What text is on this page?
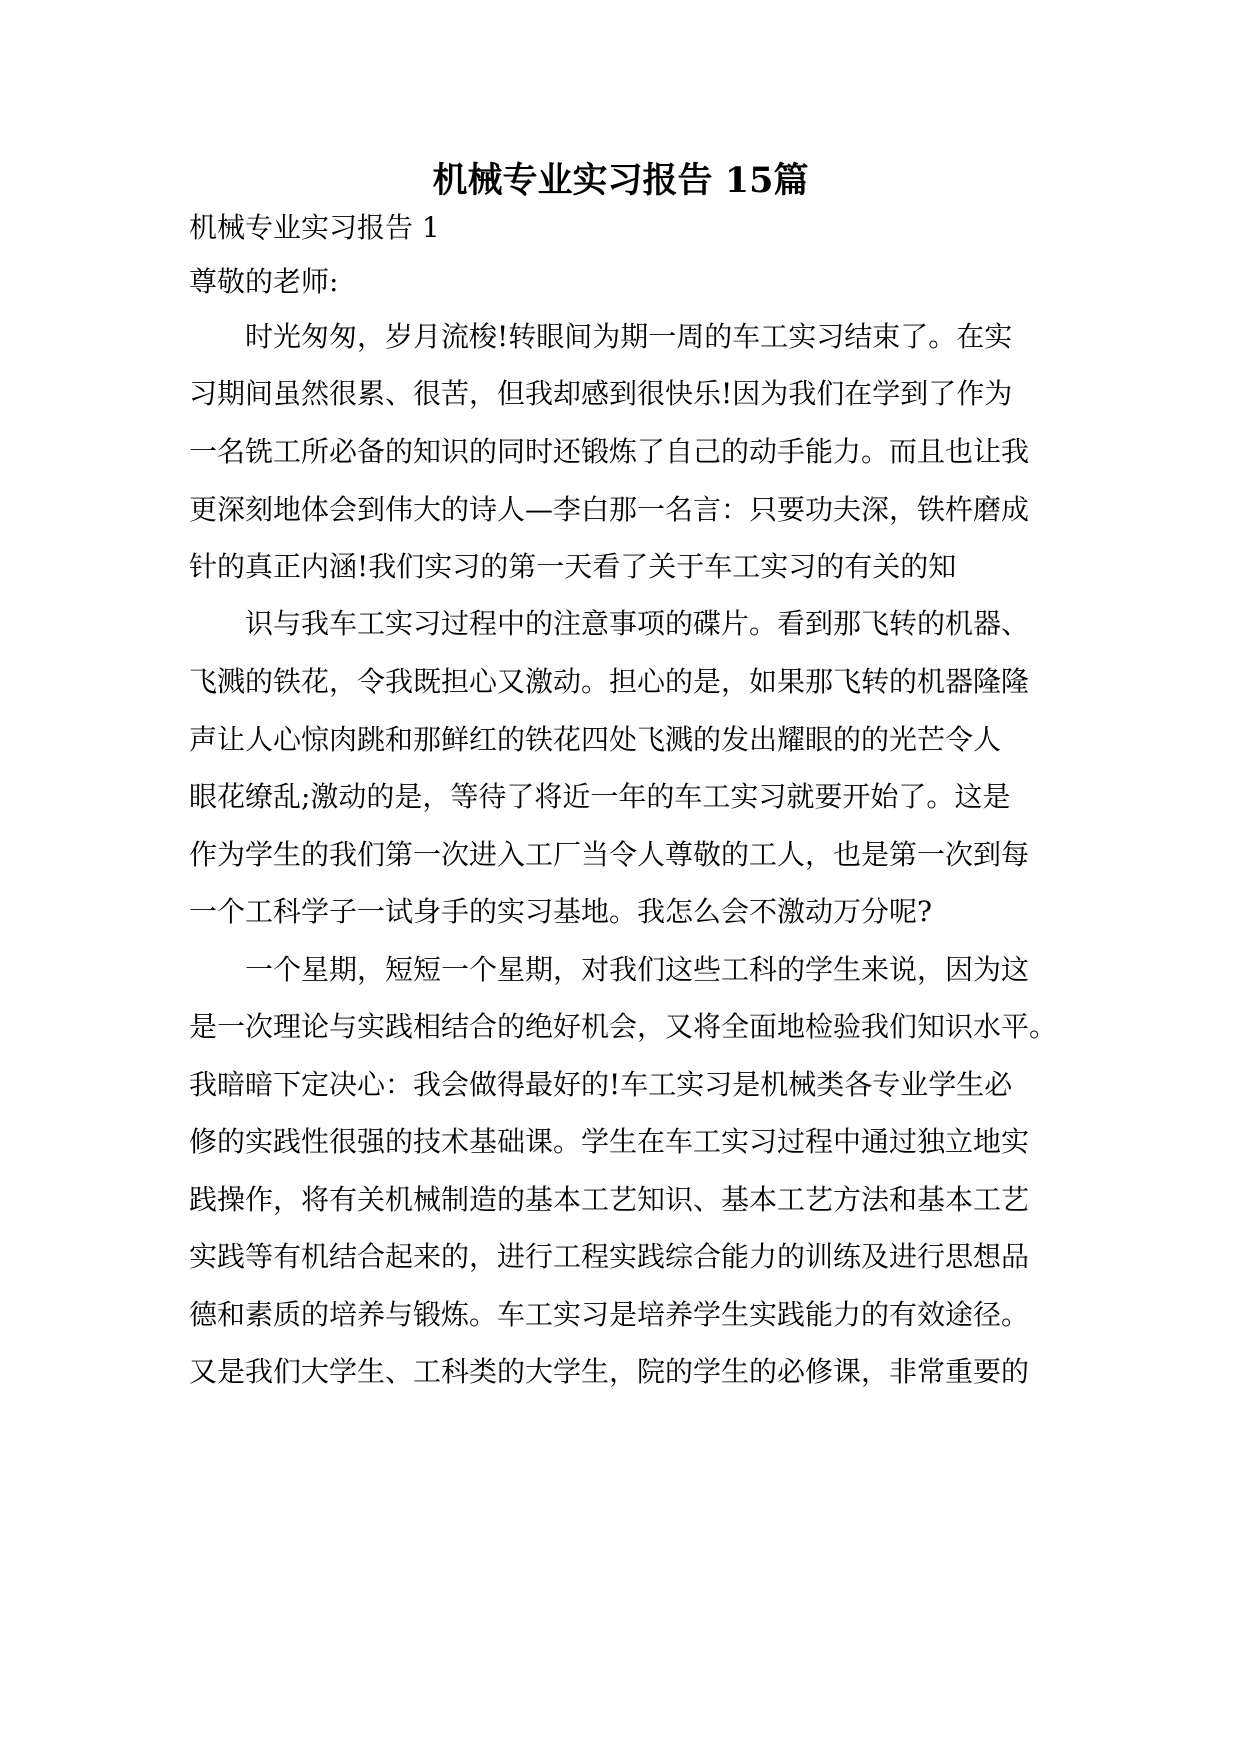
机械专业实习报告 15篇

机械专业实习报告 1

尊敬的老师:

时光匆匆，岁月流梭!转眼间为期一周的车工实习结束了。在实

习期间虽然很累、很苦，但我却感到很快乐!因为我们在学到了作为

一名铣工所必备的知识的同时还锻炼了自己的动手能力。而且也让我

更深刻地体会到伟大的诗人—李白那一名言：只要功夫深，铁杵磨成

针的真正内涵!我们实习的第一天看了关于车工实习的有关的知

识与我车工实习过程中的注意事项的碟片。看到那飞转的机器、

飞溅的铁花，令我既担心又激动。担心的是，如果那飞转的机器隆隆

声让人心惊肉跳和那鲜红的铁花四处飞溅的发出耀眼的的光芒令人

眼花缭乱;激动的是，等待了将近一年的车工实习就要开始了。这是

作为学生的我们第一次进入工厂当令人尊敬的工人，也是第一次到每

一个工科学子一试身手的实习基地。我怎么会不激动万分呢?

一个星期，短短一个星期，对我们这些工科的学生来说，因为这

是一次理论与实践相结合的绝好机会，又将全面地检验我们知识水平。

我暗暗下定决心：我会做得最好的!车工实习是机械类各专业学生必

修的实践性很强的技术基础课。学生在车工实习过程中通过独立地实

践操作，将有关机械制造的基本工艺知识、基本工艺方法和基本工艺

实践等有机结合起来的，进行工程实践综合能力的训练及进行思想品

德和素质的培养与锻炼。车工实习是培养学生实践能力的有效途径。

又是我们大学生、工科类的大学生，院的学生的必修课，非常重要的
